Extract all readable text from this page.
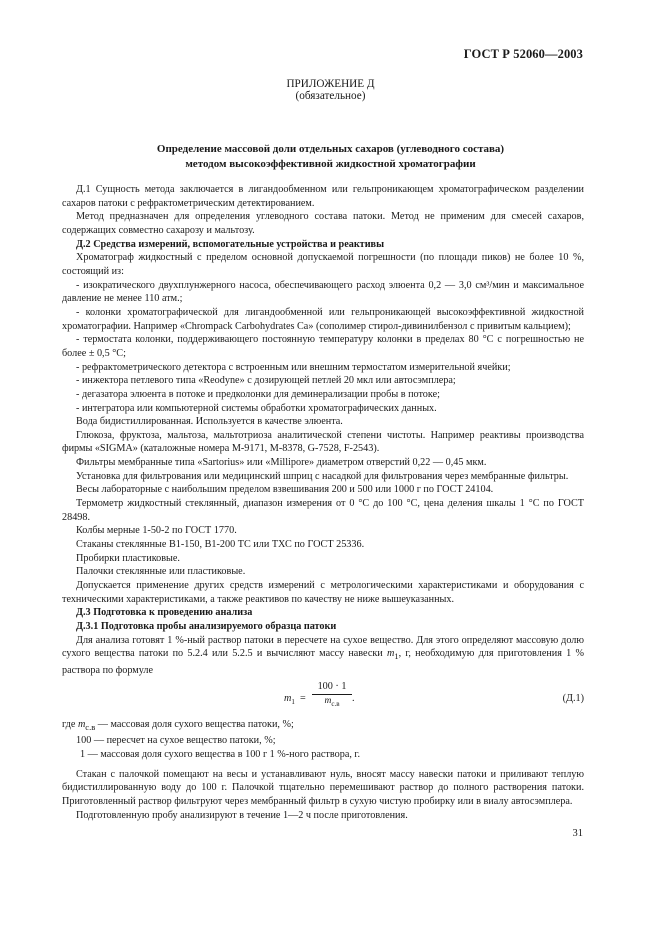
ГОСТ Р 52060—2003
ПРИЛОЖЕНИЕ Д
(обязательное)
Определение массовой доли отдельных сахаров (углеводного состава)
методом высокоэффективной жидкостной хроматографии

Д.1 Сущность метода заключается в лигандообменном или гельпроникающем хроматографическом разделении сахаров патоки с рефрактометрическим детектированием.

Метод предназначен для определения углеводного состава патоки. Метод не применим для смесей сахаров, содержащих совместно сахарозу и мальтозу.

Д.2 Средства измерений, вспомогательные устройства и реактивы

Хроматограф жидкостный с пределом основной допускаемой погрешности (по площади пиков) не более 10 %, состоящий из:

- изократического двухплунжерного насоса, обеспечивающего расход элюента 0,2 — 3,0 см³/мин и максимальное давление не менее 110 атм.;

- колонки хроматографической для лигандообменной или гельпроникающей высокоэффективной жидкостной хроматографии. Например «Chrompack Carbohydrates Ca» (сополимер стирол-дивинилбензол с привитым кальцием);

- термостата колонки, поддерживающего постоянную температуру колонки в пределах 80 °С с погрешностью не более ± 0,5 °С;

- рефрактометрического детектора с встроенным или внешним термостатом измерительной ячейки;

- инжектора петлевого типа «Reodyne» с дозирующей петлей 20 мкл или автосэмплера;

- дегазатора элюента в потоке и предколонки для деминерализации пробы в потоке;

- интегратора или компьютерной системы обработки хроматографических данных.

Вода бидистиллированная. Используется в качестве элюента.

Глюкоза, фруктоза, мальтоза, мальтотриоза аналитической степени чистоты. Например реактивы производства фирмы «SIGMA» (каталожные номера M-9171, M-8378, G-7528, F-2543).

Фильтры мембранные типа «Sartorius» или «Millipore» диаметром отверстий 0,22 — 0,45 мкм.

Установка для фильтрования или медицинский шприц с насадкой для фильтрования через мембранные фильтры.

Весы лабораторные с наибольшим пределом взвешивания 200 и 500 или 1000 г по ГОСТ 24104.

Термометр жидкостный стеклянный, диапазон измерения от 0 °С до 100 °С, цена деления шкалы 1 °С по ГОСТ 28498.

Колбы мерные 1-50-2 по ГОСТ 1770.

Стаканы стеклянные В1-150, В1-200 ТС или ТХС по ГОСТ 25336.

Пробирки пластиковые.

Палочки стеклянные или пластиковые.

Допускается применение других средств измерений с метрологическими характеристиками и оборудования с техническими характеристиками, а также реактивов по качеству не ниже вышеуказанных.

Д.3 Подготовка к проведению анализа

Д.3.1 Подготовка пробы анализируемого образца патоки

Для анализа готовят 1 %-ный раствор патоки в пересчете на сухое вещество. Для этого определяют массовую долю сухого вещества патоки по 5.2.4 или 5.2.5 и вычисляют массу навески $m_1$, г, необходимую для приготовления 1 % раствора по формуле

$m_1$ =
100 · 1
$m_{с.в}$
.	(Д.1)

где $m_{с.в}$ — массовая доля сухого вещества патоки, %;

100 — пересчет на сухое вещество патоки, %;

1 — массовая доля сухого вещества в 100 г 1 %-ного раствора, г.

Стакан с палочкой помещают на весы и устанавливают нуль, вносят массу навески патоки и приливают теплую бидистиллированную воду до 100 г. Палочкой тщательно перемешивают раствор до полного растворения патоки. Приготовленный раствор фильтруют через мембранный фильтр в сухую чистую пробирку или в виалу автосэмплера.

Подготовленную пробу анализируют в течение 1—2 ч после приготовления.

31
